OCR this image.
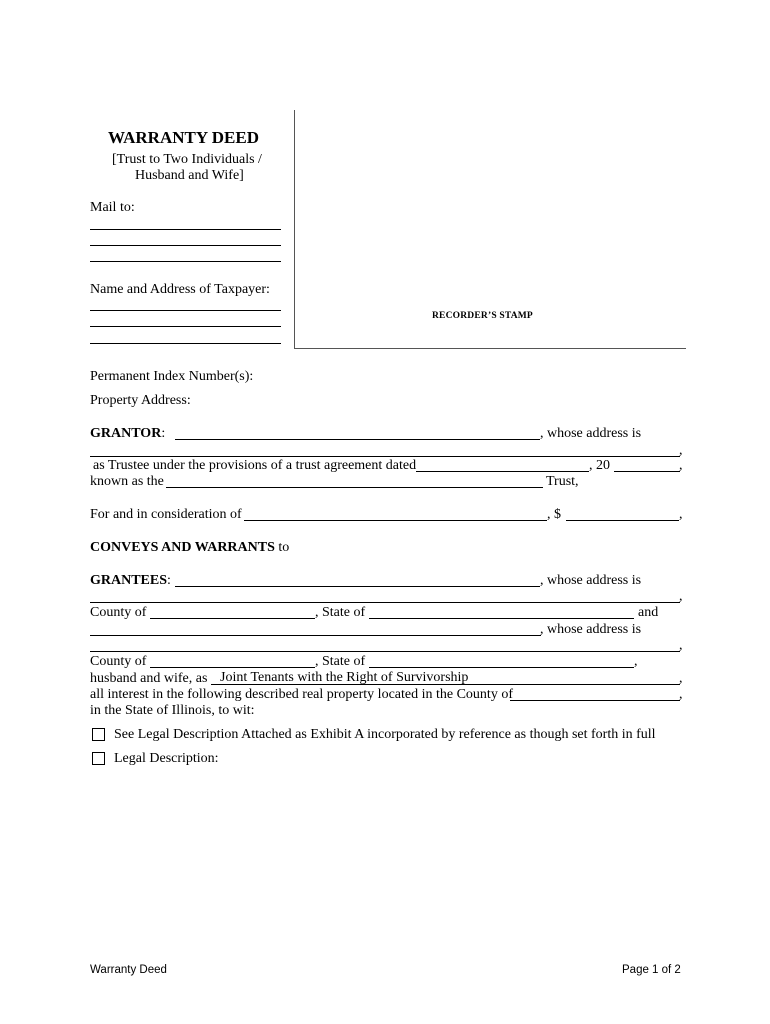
WARRANTY DEED
[Trust to Two Individuals /
Husband and Wife]
Mail to:
Name and Address of Taxpayer:
RECORDER’S STAMP
Permanent Index Number(s):
Property Address:
GRANTOR:	, whose address is
,
as Trustee under the provisions of a trust agreement dated	, 20	,
known as the	Trust,
For and in consideration of	, $	,
CONVEYS AND WARRANTS to
GRANTEES:	, whose address is
,
County of	, State of	and
, whose address is
,
County of	, State of	,
husband and wife, as Joint Tenants with the Right of Survivorship	,
all interest in the following described real property located in the County of	,
in the State of Illinois, to wit:
See Legal Description Attached as Exhibit A incorporated by reference as though set forth in full
Legal Description:
Warranty Deed	Page 1 of 2
